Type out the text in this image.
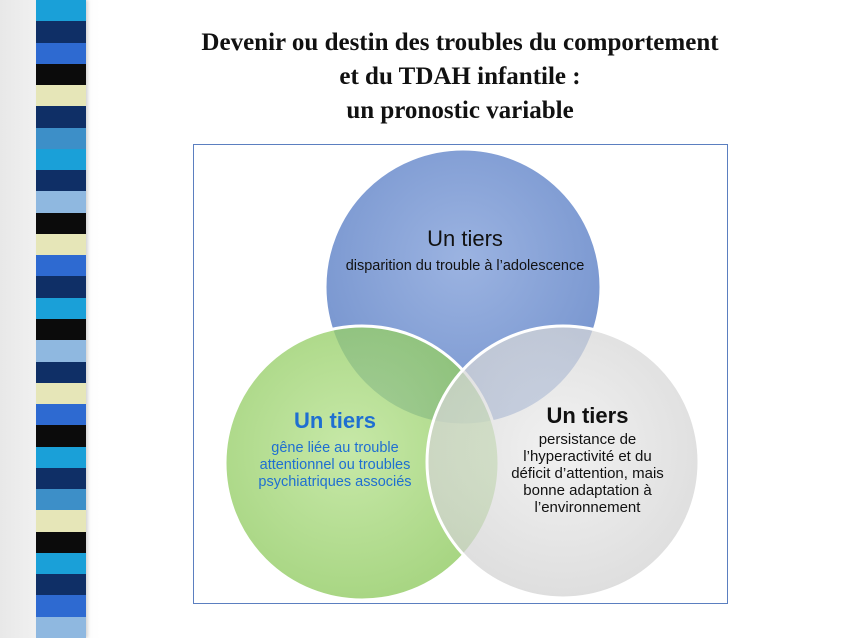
Devenir ou destin des troubles du comportement
et du TDAH infantile :
un pronostic variable
Un tiers
disparition du trouble à l’adolescence
Un tiers
gêne liée au trouble attentionnel ou troubles psychiatriques associés
Un tiers
persistance de l’hyperactivité et du déficit d’attention, mais bonne adaptation à l’environnement
